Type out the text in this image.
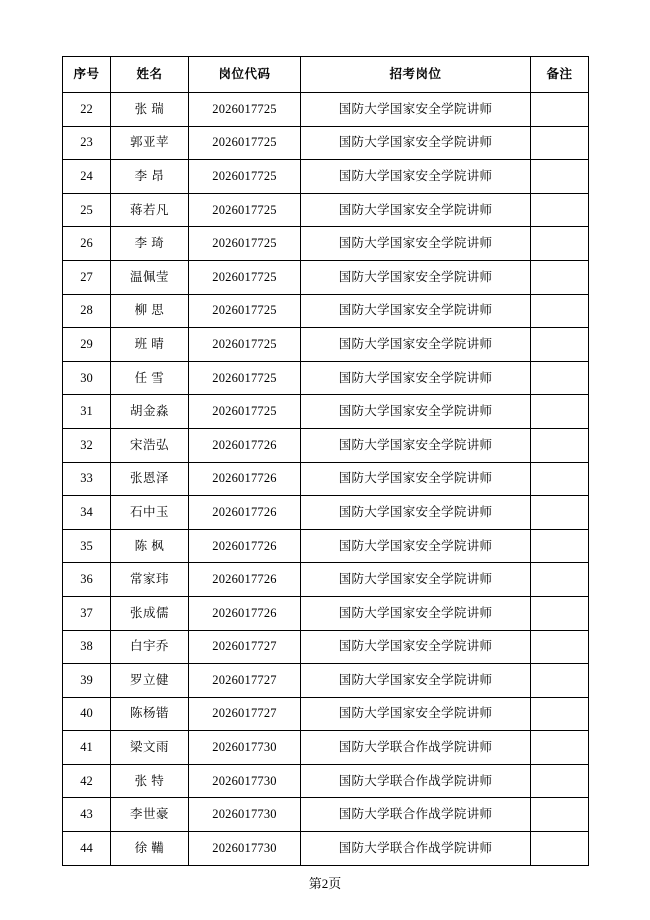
序号	姓名	岗位代码	招考岗位	备注
22	张 瑞	2026017725	国防大学国家安全学院讲师	
23	郭亚苹	2026017725	国防大学国家安全学院讲师	
24	李 昂	2026017725	国防大学国家安全学院讲师	
25	蒋若凡	2026017725	国防大学国家安全学院讲师	
26	李 琦	2026017725	国防大学国家安全学院讲师	
27	温佩莹	2026017725	国防大学国家安全学院讲师	
28	柳 思	2026017725	国防大学国家安全学院讲师	
29	班 晴	2026017725	国防大学国家安全学院讲师	
30	任 雪	2026017725	国防大学国家安全学院讲师	
31	胡金淼	2026017725	国防大学国家安全学院讲师	
32	宋浩弘	2026017726	国防大学国家安全学院讲师	
33	张恩泽	2026017726	国防大学国家安全学院讲师	
34	石中玉	2026017726	国防大学国家安全学院讲师	
35	陈 枫	2026017726	国防大学国家安全学院讲师	
36	常家玮	2026017726	国防大学国家安全学院讲师	
37	张成儒	2026017726	国防大学国家安全学院讲师	
38	白宇乔	2026017727	国防大学国家安全学院讲师	
39	罗立健	2026017727	国防大学国家安全学院讲师	
40	陈杨锴	2026017727	国防大学国家安全学院讲师	
41	梁文雨	2026017730	国防大学联合作战学院讲师	
42	张 特	2026017730	国防大学联合作战学院讲师	
43	李世豪	2026017730	国防大学联合作战学院讲师	
44	徐 鞴	2026017730	国防大学联合作战学院讲师	
第2页
